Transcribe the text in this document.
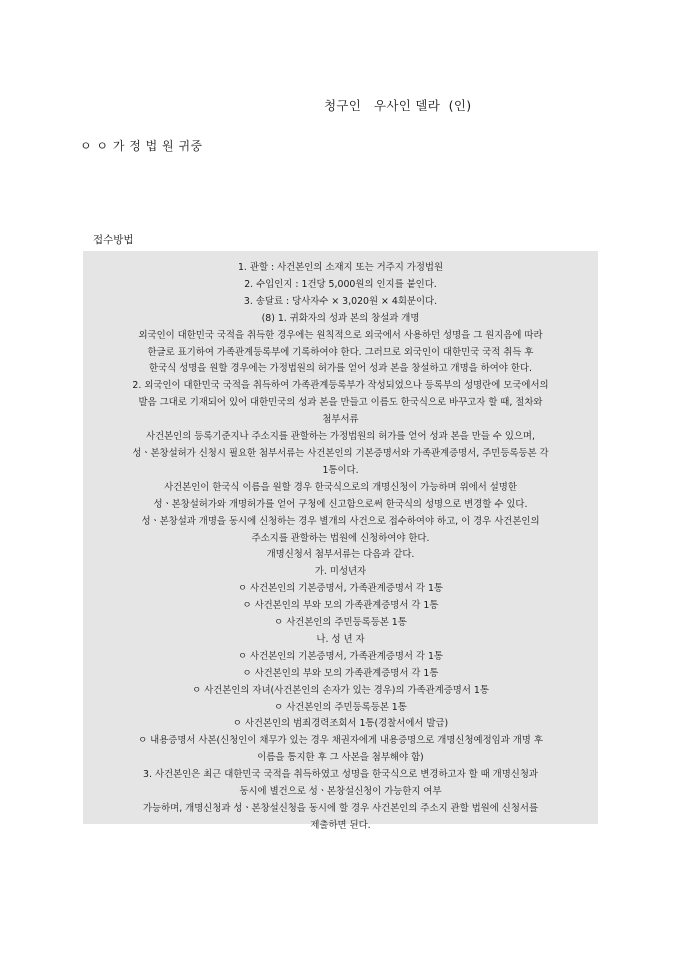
청구인   우사인 델라  (인)
ㅇ ㅇ 가 정 법 원 귀중
접수방법
1. 관할 : 사건본인의 소재지 또는 거주지 가정법원
2. 수입인지 : 1건당 5,000원의 인지를 붙인다.
3. 송달료 : 당사자수 × 3,020원 × 4회분이다.
(8) 1. 귀화자의 성과 본의 창설과 개명
외국인이 대한민국 국적을 취득한 경우에는 원칙적으로 외국에서 사용하던 성명을 그 원지음에 따라
한글로 표기하여 가족관계등록부에 기록하여야 한다. 그러므로 외국인이 대한민국 국적 취득 후
한국식 성명을 원할 경우에는 가정법원의 허가를 얻어 성과 본을 창설하고 개명을 하여야 한다.
2. 외국인이 대한민국 국적을 취득하여 가족관계등록부가 작성되었으나 등록부의 성명란에 모국에서의
발음 그대로 기재되어 있어 대한민국의 성과 본을 만들고 이름도 한국식으로 바꾸고자 할 때, 절차와
첨부서류
사건본인의 등록기준지나 주소지를 관할하는 가정법원의 허가를 얻어 성과 본을 만들 수 있으며,
성ㆍ본창설허가 신청시 필요한 첨부서류는 사건본인의 기본증명서와 가족관계증명서, 주민등록등본 각
1통이다.
사건본인이 한국식 이름을 원할 경우 한국식으로의 개명신청이 가능하며 위에서 설명한
성ㆍ본창설허가와 개명허가를 얻어 구청에 신고함으로써 한국식의 성명으로 변경할 수 있다.
성ㆍ본창설과 개명을 동시에 신청하는 경우 별개의 사건으로 접수하여야 하고, 이 경우 사건본인의
주소지를 관할하는 법원에 신청하여야 한다.
개명신청서 첨부서류는 다음과 같다.
가. 미성년자
ㅇ 사건본인의 기본증명서, 가족관계증명서 각 1통
ㅇ 사건본인의 부와 모의 가족관계증명서 각 1통
ㅇ 사건본인의 주민등록등본 1통
나. 성 년 자
ㅇ 사건본인의 기본증명서, 가족관계증명서 각 1통
ㅇ 사건본인의 부와 모의 가족관계증명서 각 1통
ㅇ 사건본인의 자녀(사건본인의 손자가 있는 경우)의 가족관계증명서 1통
ㅇ 사건본인의 주민등록등본 1통
ㅇ 사건본인의 범죄경력조회서 1통(경찰서에서 발급)
ㅇ 내용증명서 사본(신청인이 채무가 있는 경우 채권자에게 내용증명으로 개명신청예정임과 개명 후
이름을 통지한 후 그 사본을 첨부해야 함)
3. 사건본인은 최근 대한민국 국적을 취득하였고 성명을 한국식으로 변경하고자 할 때 개명신청과
동시에 별건으로 성ㆍ본창설신청이 가능한지 여부
가능하며, 개명신청과 성ㆍ본창설신청을 동시에 할 경우 사건본인의 주소지 관할 법원에 신청서를
제출하면 된다.
